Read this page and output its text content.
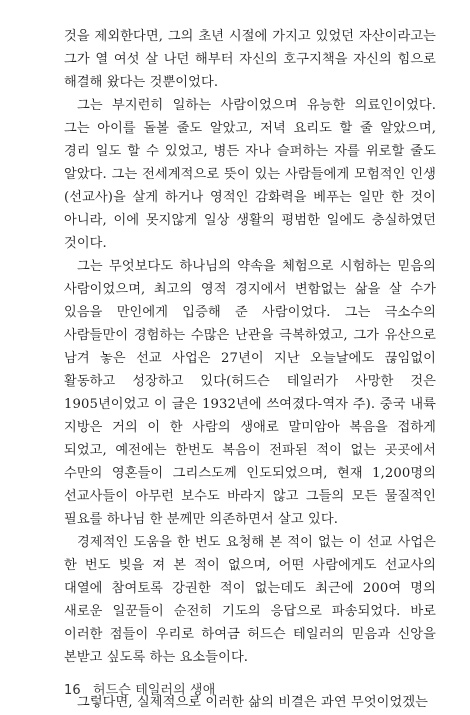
것을 제외한다면, 그의 초년 시절에 가지고 있었던 자산이라고는 그가 열 여섯 살 나던 해부터 자신의 호구지책을 자신의 힘으로 해결해 왔다는 것뿐이었다.

그는 부지런히 일하는 사람이었으며 유능한 의료인이었다. 그는 아이를 돌볼 줄도 알았고, 저녁 요리도 할 줄 알았으며, 경리 일도 할 수 있었고, 병든 자나 슬퍼하는 자를 위로할 줄도 알았다. 그는 전세계적으로 뜻이 있는 사람들에게 모험적인 인생(선교사)을 살게 하거나 영적인 감화력을 베푸는 일만 한 것이 아니라, 이에 못지않게 일상 생활의 평범한 일에도 충실하였던 것이다.

그는 무엇보다도 하나님의 약속을 체험으로 시험하는 믿음의 사람이었으며, 최고의 영적 경지에서 변함없는 삶을 살 수가 있음을 만인에게 입증해 준 사람이었다. 그는 극소수의 사람들만이 경험하는 수많은 난관을 극복하였고, 그가 유산으로 남겨 놓은 선교 사업은 27년이 지난 오늘날에도 끊임없이 활동하고 성장하고 있다(허드슨 테일러가 사망한 것은 1905년이었고 이 글은 1932년에 쓰여졌다-역자 주). 중국 내륙 지방은 거의 이 한 사람의 생애로 말미암아 복음을 접하게 되었고, 예전에는 한번도 복음이 전파된 적이 없는 곳곳에서 수만의 영혼들이 그리스도께 인도되었으며, 현재 1,200명의 선교사들이 아무런 보수도 바라지 않고 그들의 모든 물질적인 필요를 하나님 한 분께만 의존하면서 살고 있다.

경제적인 도움을 한 번도 요청해 본 적이 없는 이 선교 사업은 한 번도 빚을 져 본 적이 없으며, 어떤 사람에게도 선교사의 대열에 참여토록 강권한 적이 없는데도 최근에 200여 명의 새로운 일꾼들이 순전히 기도의 응답으로 파송되었다. 바로 이러한 점들이 우리로 하여금 허드슨 테일러의 믿음과 신앙을 본받고 싶도록 하는 요소들이다.

그렇다면, 실제적으로 이러한 삶의 비결은 과연 무엇이었겠는

16 허드슨 테일러의 생애
